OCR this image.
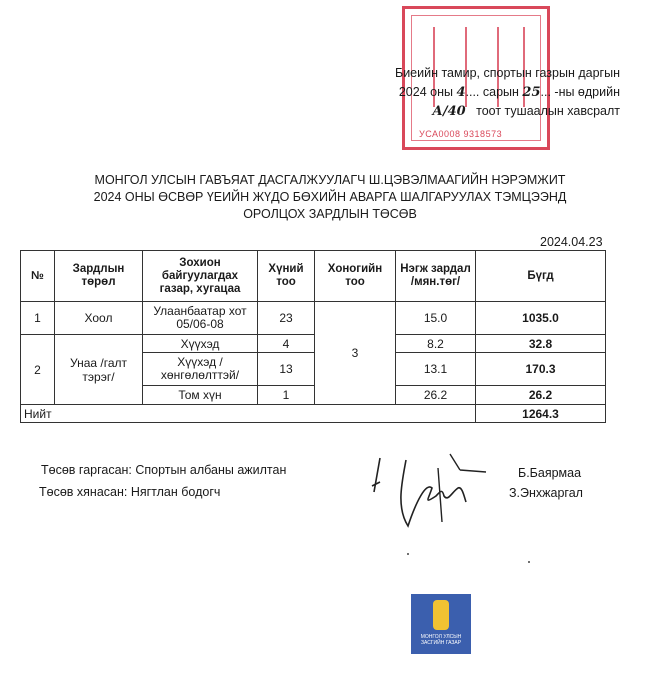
УСА0008 9318573
Биеийн тамир, спортын газрын даргын
2024 оны 4.... сарын 25... -ны өдрийн
А/40 тоот тушаалын хавсралт
МОНГОЛ УЛСЫН ГАВЪЯАТ ДАСГАЛЖУУЛАГЧ Ш.ЦЭВЭЛМААГИЙН НЭРЭМЖИТ
2024 ОНЫ ӨСВӨР ҮЕИЙН ЖҮДО БӨХИЙН АВАРГА ШАЛГАРУУЛАХ ТЭМЦЭЭНД
ОРОЛЦОХ ЗАРДЛЫН ТӨСӨВ
2024.04.23
№	Зардлын төрөл	Зохион байгуулагдах газар, хугацаа	Хүний тоо	Хоногийн тоо	Нэгж зардал /мян.төг/	Бүгд
1	Хоол	Улаанбаатар хот 05/06-08	23	3	15.0	1035.0
2	Унаа /галт тэрэг/	Хүүхэд	4		8.2	32.8
		Хүүхэд /хөнгөлөлттэй/	13		13.1	170.3
		Том хүн	1		26.2	26.2
Нийт						1264.3
Төсөв гаргасан: Спортын албаны ажилтан
Төсөв хянасан: Нягтлан бодогч
Б.Баярмаа
З.Энхжаргал
МОНГОЛ УЛСЫН
ЗАСГИЙН ГАЗАР
